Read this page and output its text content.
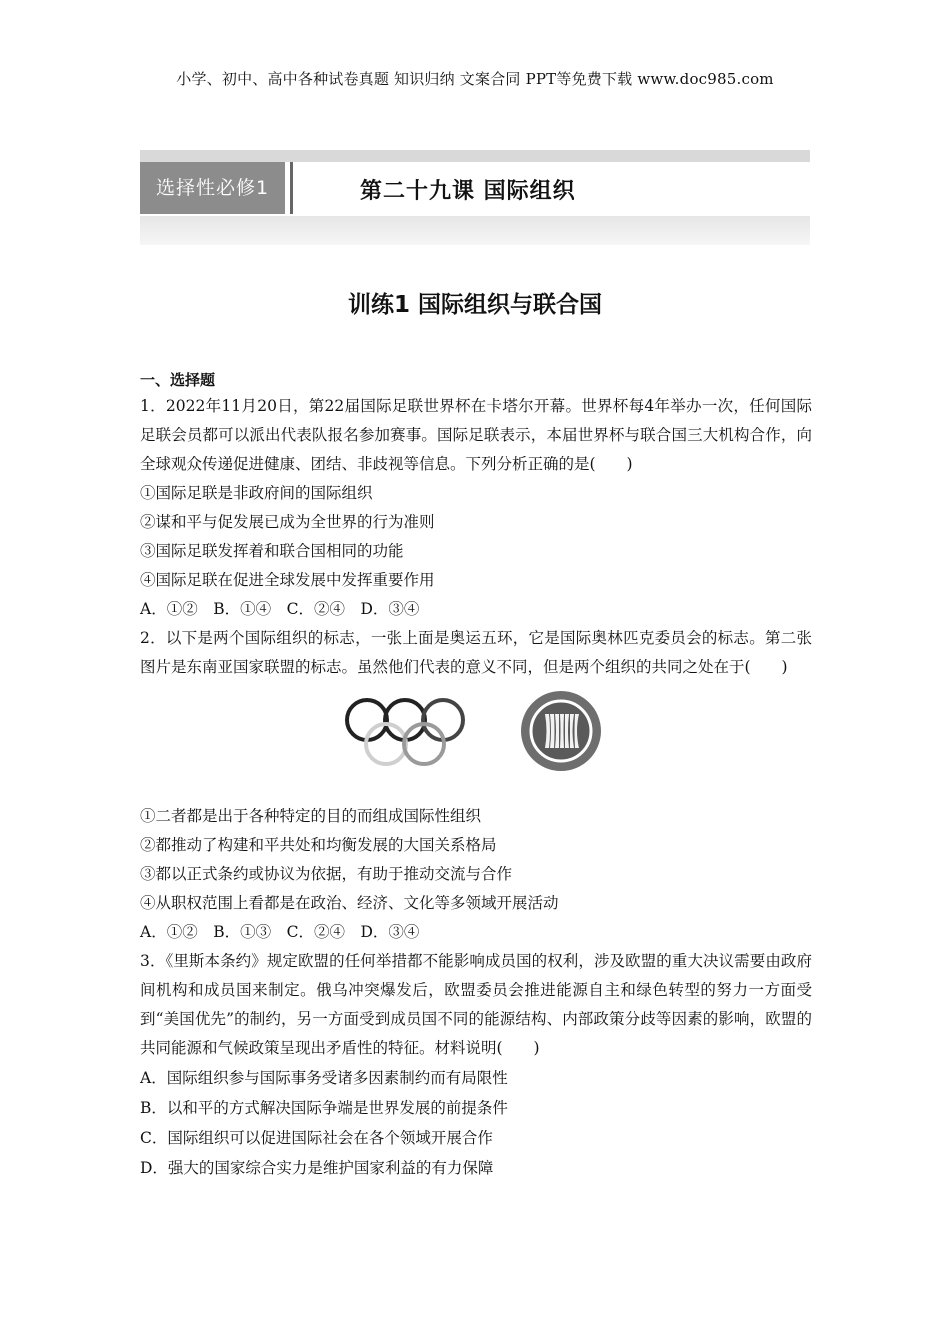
小学、初中、高中各种试卷真题 知识归纳 文案合同 PPT等免费下载 www.doc985.com
选择性必修1	第二十九课 国际组织
训练1 国际组织与联合国
一、选择题
1．2022年11月20日，第22届国际足联世界杯在卡塔尔开幕。世界杯每4年举办一次，任何国际足联会员都可以派出代表队报名参加赛事。国际足联表示，本届世界杯与联合国三大机构合作，向全球观众传递促进健康、团结、非歧视等信息。下列分析正确的是(　　)
①国际足联是非政府间的国际组织
②谋和平与促发展已成为全世界的行为准则
③国际足联发挥着和联合国相同的功能
④国际足联在促进全球发展中发挥重要作用
A．①②　B．①④　C．②④　D．③④
2．以下是两个国际组织的标志，一张上面是奥运五环，它是国际奥林匹克委员会的标志。第二张图片是东南亚国家联盟的标志。虽然他们代表的意义不同，但是两个组织的共同之处在于(　　)
①二者都是出于各种特定的目的而组成国际性组织
②都推动了构建和平共处和均衡发展的大国关系格局
③都以正式条约或协议为依据，有助于推动交流与合作
④从职权范围上看都是在政治、经济、文化等多领域开展活动
A．①②　B．①③　C．②④　D．③④
3．《里斯本条约》规定欧盟的任何举措都不能影响成员国的权利，涉及欧盟的重大决议需要由政府间机构和成员国来制定。俄乌冲突爆发后，欧盟委员会推进能源自主和绿色转型的努力一方面受到“美国优先”的制约，另一方面受到成员国不同的能源结构、内部政策分歧等因素的影响，欧盟的共同能源和气候政策呈现出矛盾性的特征。材料说明(　　)
A．国际组织参与国际事务受诸多因素制约而有局限性
B．以和平的方式解决国际争端是世界发展的前提条件
C．国际组织可以促进国际社会在各个领域开展合作
D．强大的国家综合实力是维护国家利益的有力保障
